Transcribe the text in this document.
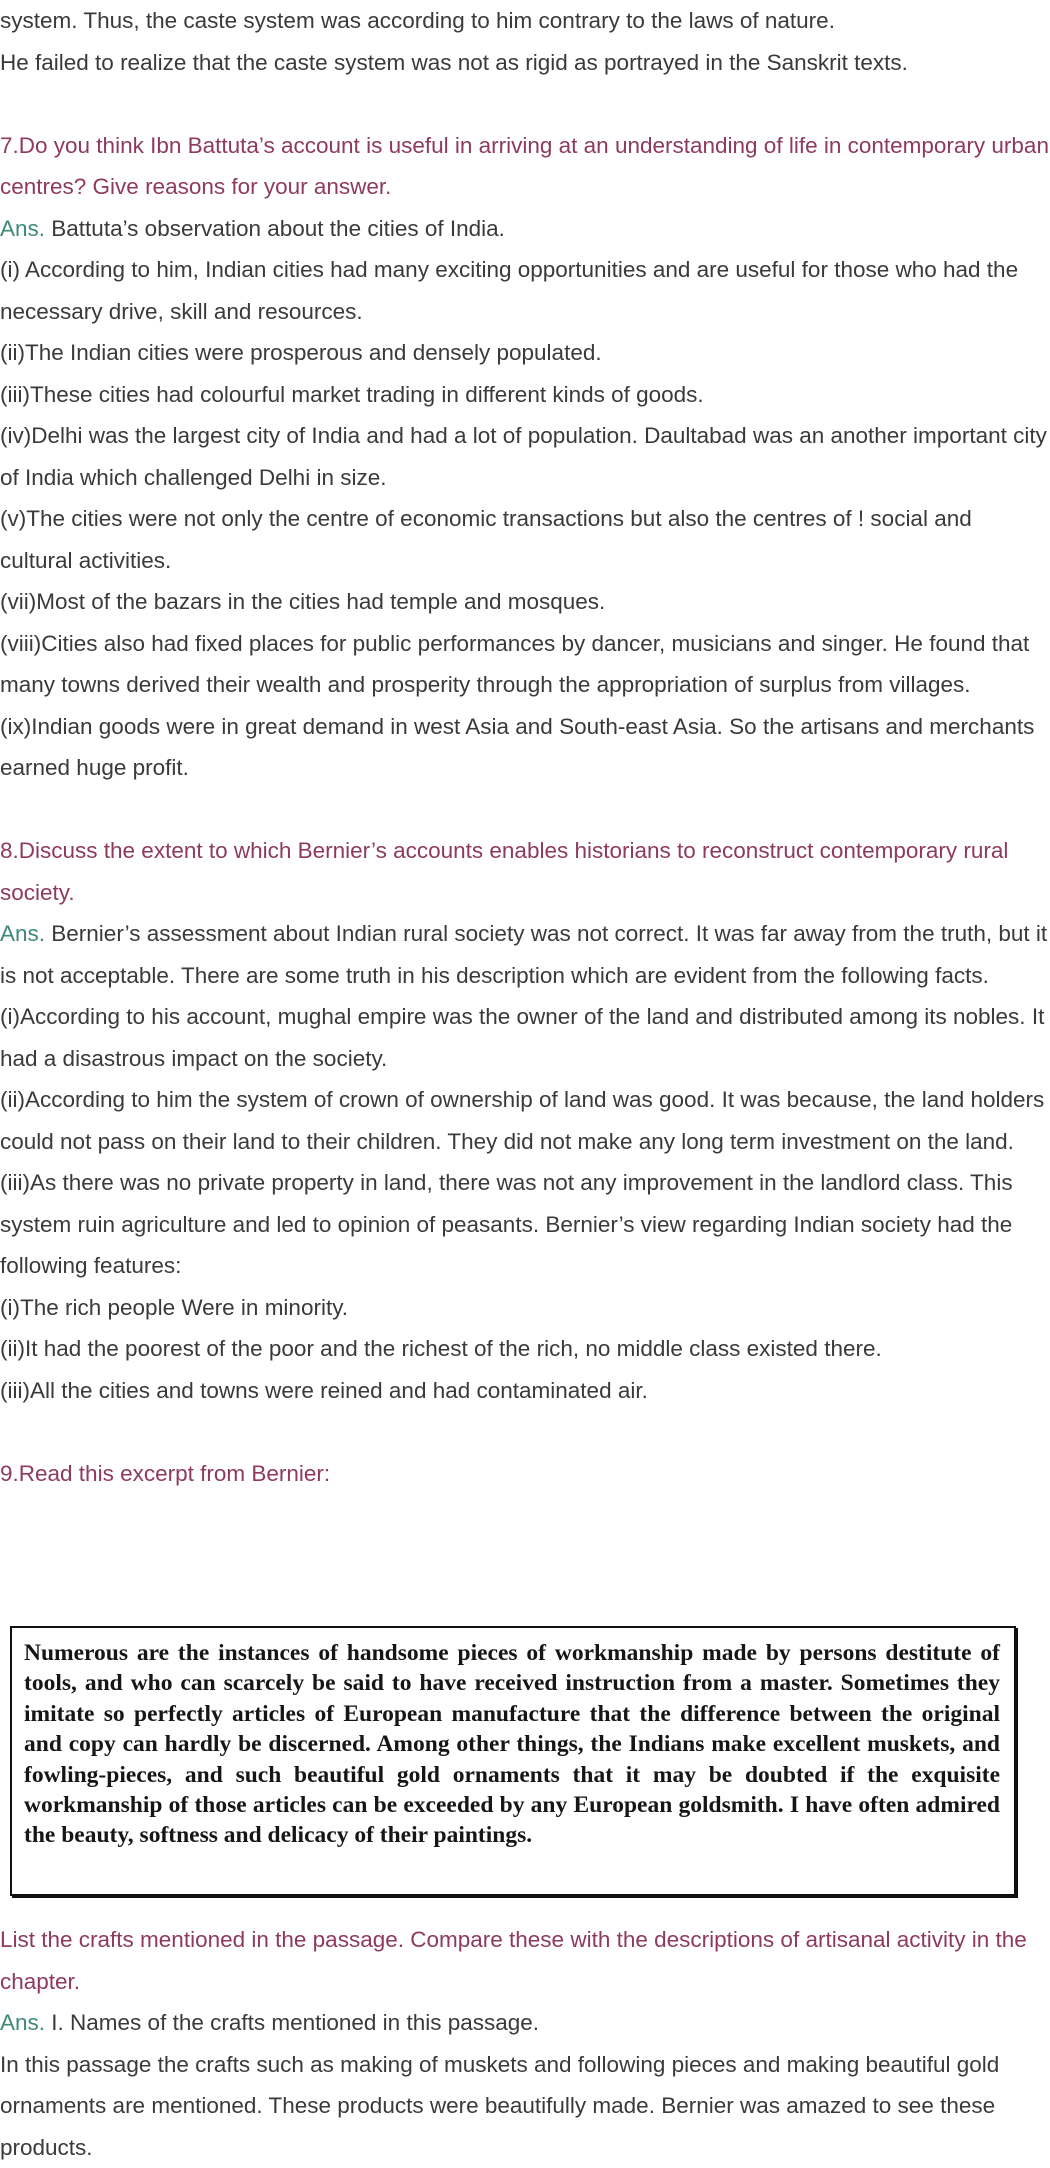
system. Thus, the caste system was according to him contrary to the laws of nature.

He failed to realize that the caste system was not as rigid as portrayed in the Sanskrit texts.

7.Do you think Ibn Battuta’s account is useful in arriving at an understanding of life in contemporary urban centres? Give reasons for your answer.

Ans. Battuta’s observation about the cities of India.

(i) According to him, Indian cities had many exciting opportunities and are useful for those who had the necessary drive, skill and resources.

(ii)The Indian cities were prosperous and densely populated.

(iii)These cities had colourful market trading in different kinds of goods.

(iv)Delhi was the largest city of India and had a lot of population. Daultabad was an another important city of India which challenged Delhi in size.

(v)The cities were not only the centre of economic transactions but also the centres of ! social and cultural activities.

(vii)Most of the bazars in the cities had temple and mosques.

(viii)Cities also had fixed places for public performances by dancer, musicians and singer. He found that many towns derived their wealth and prosperity through the appropriation of surplus from villages.

(ix)Indian goods were in great demand in west Asia and South-east Asia. So the artisans and merchants earned huge profit.

8.Discuss the extent to which Bernier’s accounts enables historians to reconstruct contemporary rural society.

Ans. Bernier’s assessment about Indian rural society was not correct. It was far away from the truth, but it is not acceptable. There are some truth in his description which are evident from the following facts.

(i)According to his account, mughal empire was the owner of the land and distributed among its nobles. It had a disastrous impact on the society.

(ii)According to him the system of crown of ownership of land was good. It was because, the land holders could not pass on their land to their children. They did not make any long term investment on the land.

(iii)As there was no private property in land, there was not any improvement in the landlord class. This system ruin agriculture and led to opinion of peasants. Bernier’s view regarding Indian society had the following features:

(i)The rich people Were in minority.

(ii)It had the poorest of the poor and the richest of the rich, no middle class existed there.

(iii)All the cities and towns were reined and had contaminated air.

9.Read this excerpt from Bernier:

Numerous are the instances of handsome pieces of workmanship made by persons destitute of tools, and who can scarcely be said to have received instruction from a master. Sometimes they imitate so perfectly articles of European manufacture that the difference between the original and copy can hardly be discerned. Among other things, the Indians make excellent muskets, and fowling-pieces, and such beautiful gold ornaments that it may be doubted if the exquisite workmanship of those articles can be exceeded by any European goldsmith. I have often admired the beauty, softness and delicacy of their paintings.

List the crafts mentioned in the passage. Compare these with the descriptions of artisanal activity in the chapter.

Ans. I. Names of the crafts mentioned in this passage.

In this passage the crafts such as making of muskets and following pieces and making beautiful gold ornaments are mentioned. These products were beautifully made. Bernier was amazed to see these products.
